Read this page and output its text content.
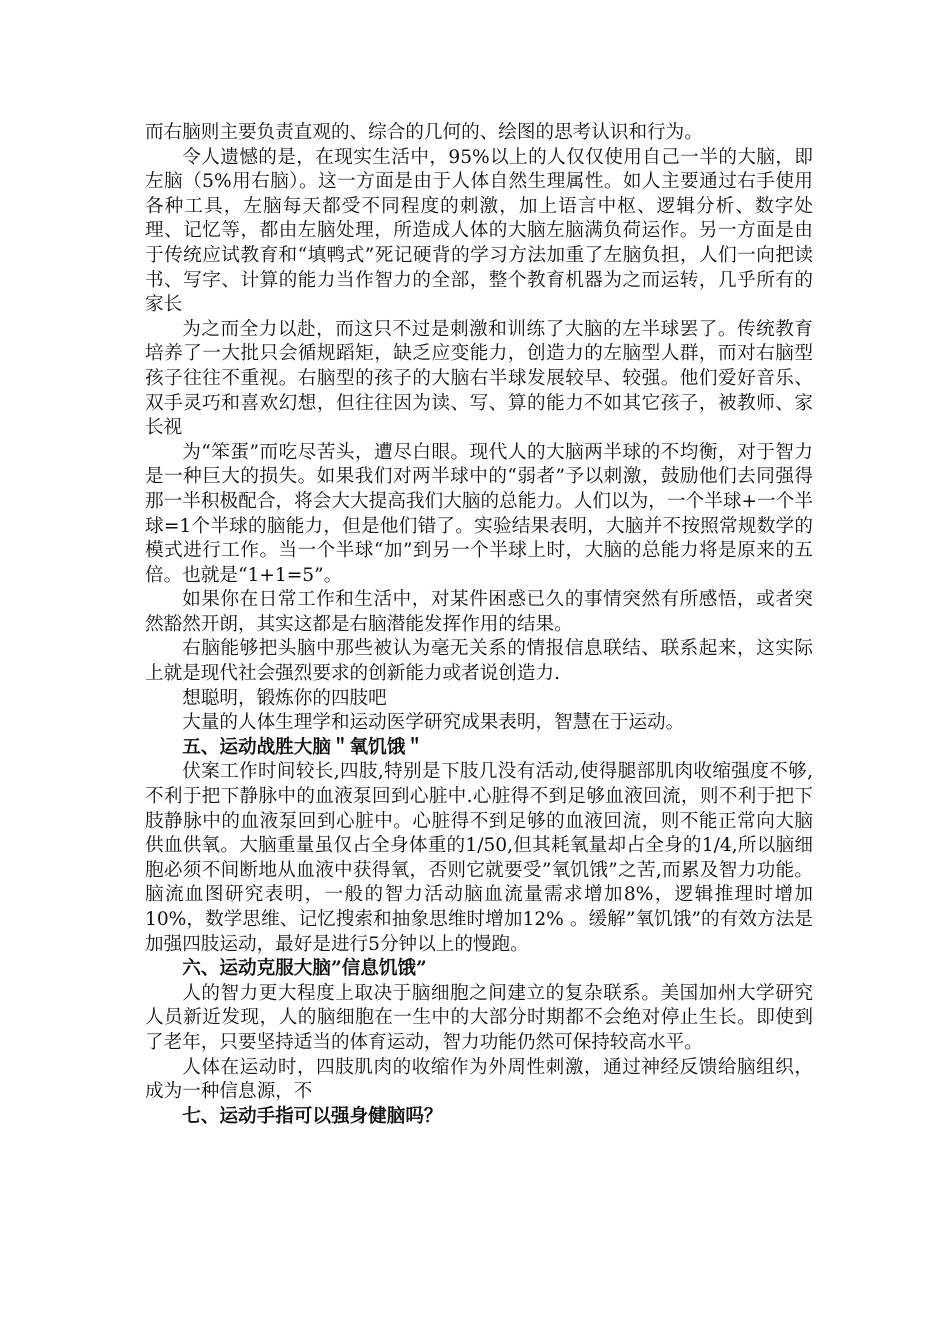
而右脑则主要负责直观的、综合的几何的、绘图的思考认识和行为。

令人遗憾的是，在现实生活中，95%以上的人仅仅使用自己一半的大脑，即左脑（5%用右脑）。这一方面是由于人体自然生理属性。如人主要通过右手使用各种工具，左脑每天都受不同程度的刺激，加上语言中枢、逻辑分析、数字处理、记忆等，都由左脑处理，所造成人体的大脑左脑满负荷运作。另一方面是由于传统应试教育和“填鸭式”死记硬背的学习方法加重了左脑负担，人们一向把读书、写字、计算的能力当作智力的全部，整个教育机器为之而运转，几乎所有的家长

为之而全力以赴，而这只不过是刺激和训练了大脑的左半球罢了。传统教育培养了一大批只会循规蹈矩，缺乏应变能力，创造力的左脑型人群，而对右脑型孩子往往不重视。右脑型的孩子的大脑右半球发展较早、较强。他们爱好音乐、双手灵巧和喜欢幻想，但往往因为读、写、算的能力不如其它孩子，被教师、家长视

为“笨蛋”而吃尽苦头，遭尽白眼。现代人的大脑两半球的不均衡，对于智力是一种巨大的损失。如果我们对两半球中的“弱者”予以刺激，鼓励他们去同强得那一半积极配合，将会大大提高我们大脑的总能力。人们以为，一个半球+一个半球=1个半球的脑能力，但是他们错了。实验结果表明，大脑并不按照常规数学的模式进行工作。当一个半球“加”到另一个半球上时，大脑的总能力将是原来的五倍。也就是“1+1=5”。

如果你在日常工作和生活中，对某件困惑已久的事情突然有所感悟，或者突然豁然开朗，其实这都是右脑潜能发挥作用的结果。

右脑能够把头脑中那些被认为毫无关系的情报信息联结、联系起来，这实际上就是现代社会强烈要求的创新能力或者说创造力.

想聪明，锻炼你的四肢吧

大量的人体生理学和运动医学研究成果表明，智慧在于运动。

五、运动战胜大脑＂氧饥饿＂

伏案工作时间较长,四肢,特别是下肢几没有活动,使得腿部肌肉收缩强度不够,不利于把下静脉中的血液泵回到心脏中.心脏得不到足够血液回流，则不利于把下肢静脉中的血液泵回到心脏中。心脏得不到足够的血液回流，则不能正常向大脑供血供氧。大脑重量虽仅占全身体重的1/50,但其耗氧量却占全身的1/4,所以脑细胞必须不间断地从血液中获得氧，否则它就要受”氧饥饿”之苦,而累及智力功能。脑流血图研究表明，一般的智力活动脑血流量需求增加8%，逻辑推理时增加10%，数学思维、记忆搜索和抽象思维时增加12% 。缓解”氧饥饿”的有效方法是加强四肢运动，最好是进行5分钟以上的慢跑。

六、运动克服大脑”信息饥饿”

人的智力更大程度上取决于脑细胞之间建立的复杂联系。美国加州大学研究人员新近发现，人的脑细胞在一生中的大部分时期都不会绝对停止生长。即使到了老年，只要坚持适当的体育运动，智力功能仍然可保持较高水平。

人体在运动时，四肢肌肉的收缩作为外周性刺激，通过神经反馈给脑组织，成为一种信息源，不

七、运动手指可以强身健脑吗？
